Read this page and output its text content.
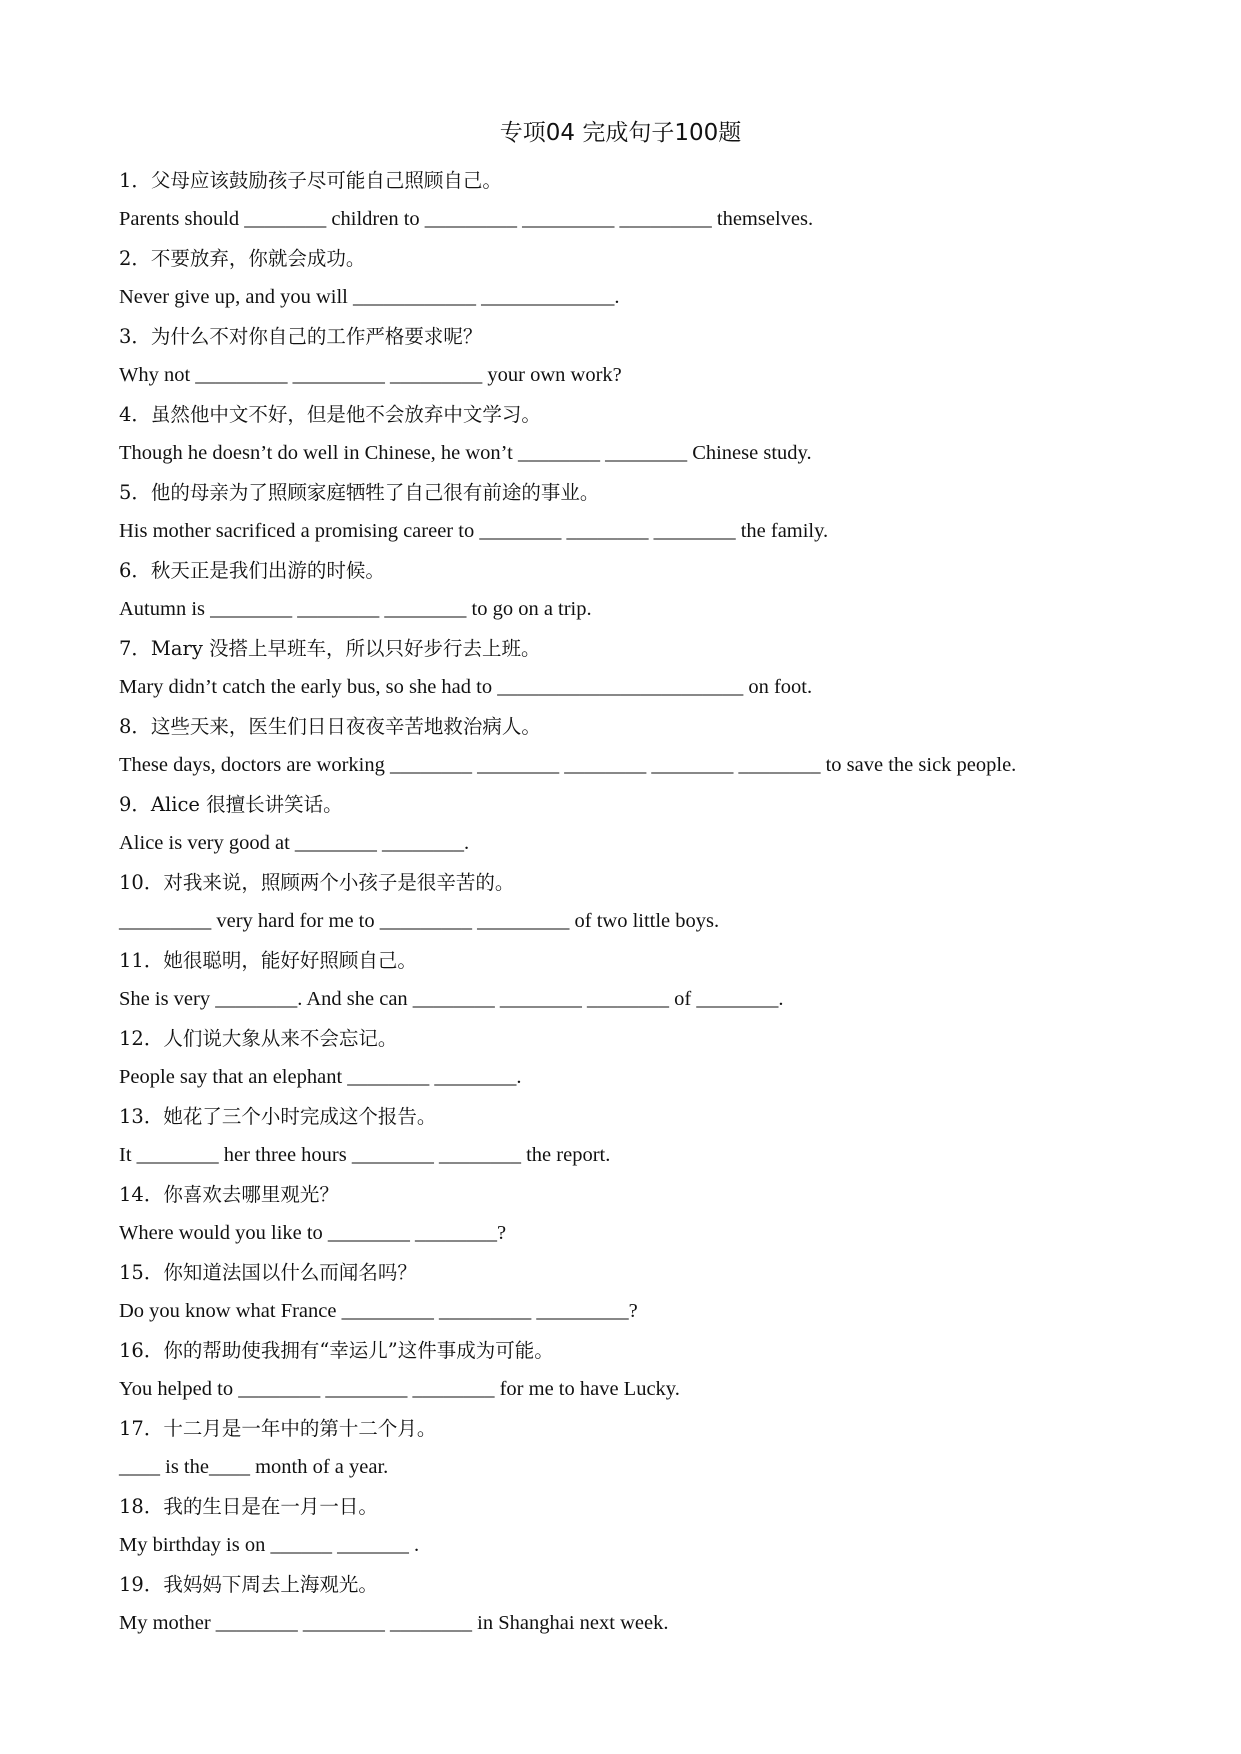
专项04 完成句子100题
1．父母应该鼓励孩子尽可能自己照顾自己。
Parents should ________ children to _________ _________ _________ themselves.
2．不要放弃，你就会成功。
Never give up, and you will ____________ _____________.
3．为什么不对你自己的工作严格要求呢？
Why not _________ _________ _________ your own work?
4．虽然他中文不好，但是他不会放弃中文学习。
Though he doesn’t do well in Chinese, he won’t ________ ________ Chinese study.
5．他的母亲为了照顾家庭牺牲了自己很有前途的事业。
His mother sacrificed a promising career to ________ ________ ________ the family.
6．秋天正是我们出游的时候。
Autumn is ________ ________ ________ to go on a trip.
7．Mary 没搭上早班车，所以只好步行去上班。
Mary didn’t catch the early bus, so she had to ________________________ on foot.
8．这些天来，医生们日日夜夜辛苦地救治病人。
These days, doctors are working ________ ________ ________ ________ ________ to save the sick people.
9．Alice 很擅长讲笑话。
Alice is very good at ________ ________.
10．对我来说，照顾两个小孩子是很辛苦的。
_________ very hard for me to _________ _________ of two little boys.
11．她很聪明，能好好照顾自己。
She is very ________. And she can ________ ________ ________ of ________.
12．人们说大象从来不会忘记。
People say that an elephant ________ ________.
13．她花了三个小时完成这个报告。
It ________ her three hours ________ ________ the report.
14．你喜欢去哪里观光？
Where would you like to ________ ________?
15．你知道法国以什么而闻名吗？
Do you know what France _________ _________ _________?
16．你的帮助使我拥有“幸运儿”这件事成为可能。
You helped to ________ ________ ________ for me to have Lucky.
17．十二月是一年中的第十二个月。
____ is the____ month of a year.
18．我的生日是在一月一日。
My birthday is on ______ _______ .
19．我妈妈下周去上海观光。
My mother ________ ________ ________ in Shanghai next week.
